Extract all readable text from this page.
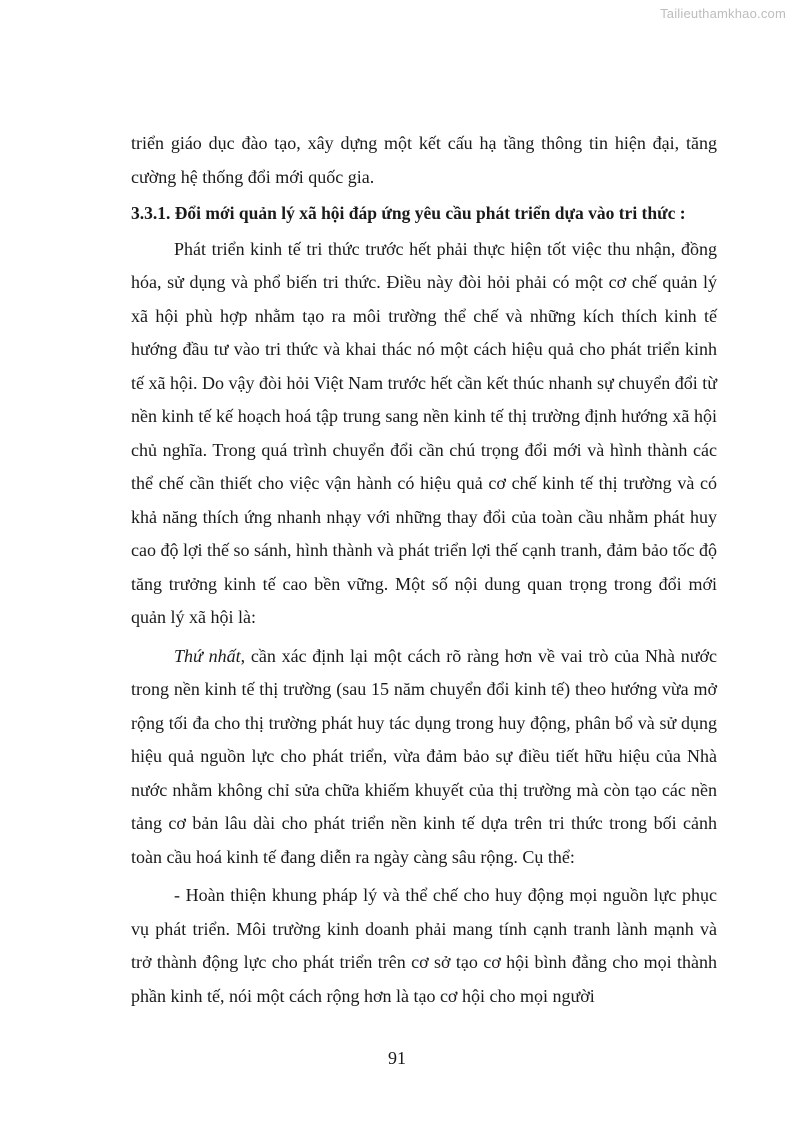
Tailieuthamkhao.com

triển giáo dục đào tạo, xây dựng một kết cấu hạ tầng thông tin hiện đại, tăng cường hệ thống đổi mới quốc gia.

3.3.1. Đổi mới quản lý xã hội đáp ứng yêu cầu phát triển dựa vào tri thức :

Phát triển kinh tế tri thức trước hết phải thực hiện tốt việc thu nhận, đồng hóa, sử dụng và phổ biến tri thức. Điều này đòi hỏi phải có một cơ chế quản lý xã hội phù hợp nhằm tạo ra môi trường thể chế và những kích thích kinh tế hướng đầu tư vào tri thức và khai thác nó một cách hiệu quả cho phát triển kinh tế xã hội. Do vậy đòi hỏi Việt Nam trước hết cần kết thúc nhanh sự chuyển đổi từ nền kinh tế kế hoạch hoá tập trung sang nền kinh tế thị trường định hướng xã hội chủ nghĩa. Trong quá trình chuyển đổi cần chú trọng đổi mới và hình thành các thể chế cần thiết cho việc vận hành có hiệu quả cơ chế kinh tế thị trường và có khả năng thích ứng nhanh nhạy với những thay đổi của toàn cầu nhằm phát huy cao độ lợi thế so sánh, hình thành và phát triển lợi thế cạnh tranh, đảm bảo tốc độ tăng trưởng kinh tế cao bền vững. Một số nội dung quan trọng trong đổi mới quản lý xã hội là:

Thứ nhất, cần xác định lại một cách rõ ràng hơn về vai trò của Nhà nước trong nền kinh tế thị trường (sau 15 năm chuyển đổi kinh tế) theo hướng vừa mở rộng tối đa cho thị trường phát huy tác dụng trong huy động, phân bổ và sử dụng hiệu quả nguồn lực cho phát triển, vừa đảm bảo sự điều tiết hữu hiệu của Nhà nước nhằm không chỉ sửa chữa khiếm khuyết của thị trường mà còn tạo các nền tảng cơ bản lâu dài cho phát triển nền kinh tế dựa trên tri thức trong bối cảnh toàn cầu hoá kinh tế đang diễn ra ngày càng sâu rộng. Cụ thể:

- Hoàn thiện khung pháp lý và thể chế cho huy động mọi nguồn lực phục vụ phát triển. Môi trường kinh doanh phải mang tính cạnh tranh lành mạnh và trở thành động lực cho phát triển trên cơ sở tạo cơ hội bình đẳng cho mọi thành phần kinh tế, nói một cách rộng hơn là tạo cơ hội cho mọi người

91
